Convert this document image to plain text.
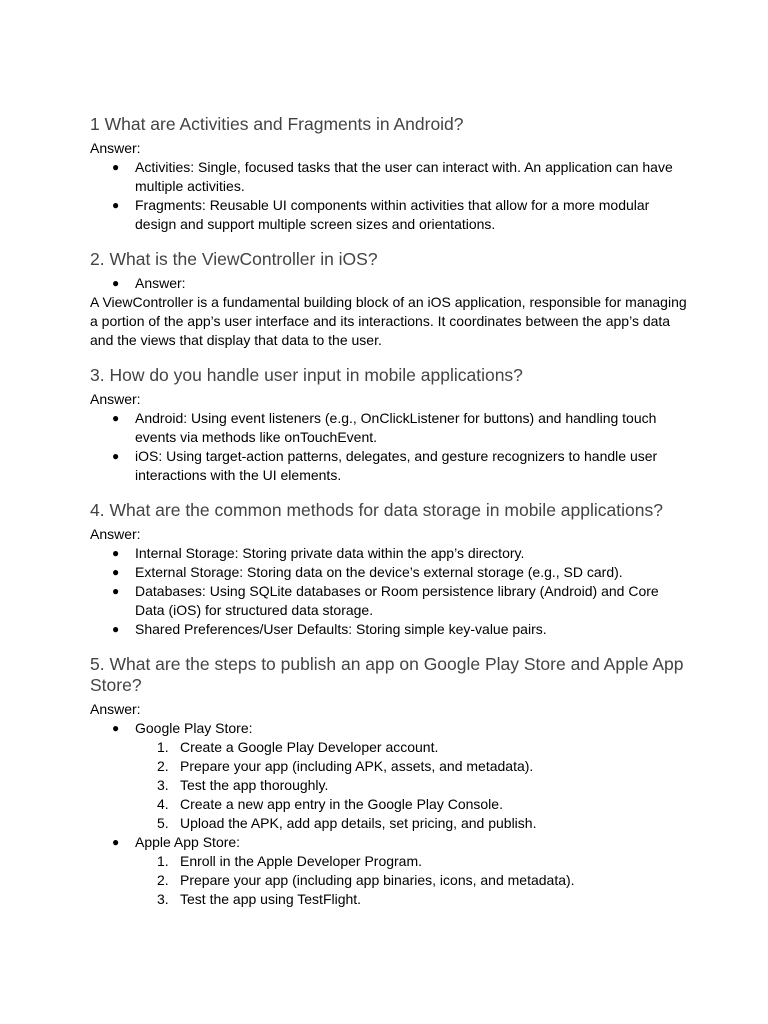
1 What are Activities and Fragments in Android?

Answer:

● Activities: Single, focused tasks that the user can interact with. An application can have multiple activities.
● Fragments: Reusable UI components within activities that allow for a more modular design and support multiple screen sizes and orientations.
2. What is the ViewController in iOS?
● Answer:

A ViewController is a fundamental building block of an iOS application, responsible for managing a portion of the app’s user interface and its interactions. It coordinates between the app’s data and the views that display that data to the user.

3. How do you handle user input in mobile applications?

Answer:

● Android: Using event listeners (e.g., OnClickListener for buttons) and handling touch events via methods like onTouchEvent.
● iOS: Using target-action patterns, delegates, and gesture recognizers to handle user interactions with the UI elements.
4. What are the common methods for data storage in mobile applications?

Answer:

● Internal Storage: Storing private data within the app’s directory.
● External Storage: Storing data on the device’s external storage (e.g., SD card).
● Databases: Using SQLite databases or Room persistence library (Android) and Core Data (iOS) for structured data storage.
● Shared Preferences/User Defaults: Storing simple key-value pairs.
5. What are the steps to publish an app on Google Play Store and Apple App Store?

Answer:

● Google Play Store:
1. Create a Google Play Developer account.
2. Prepare your app (including APK, assets, and metadata).
3. Test the app thoroughly.
4. Create a new app entry in the Google Play Console.
5. Upload the APK, add app details, set pricing, and publish.
● Apple App Store:
1. Enroll in the Apple Developer Program.
2. Prepare your app (including app binaries, icons, and metadata).
3. Test the app using TestFlight.
